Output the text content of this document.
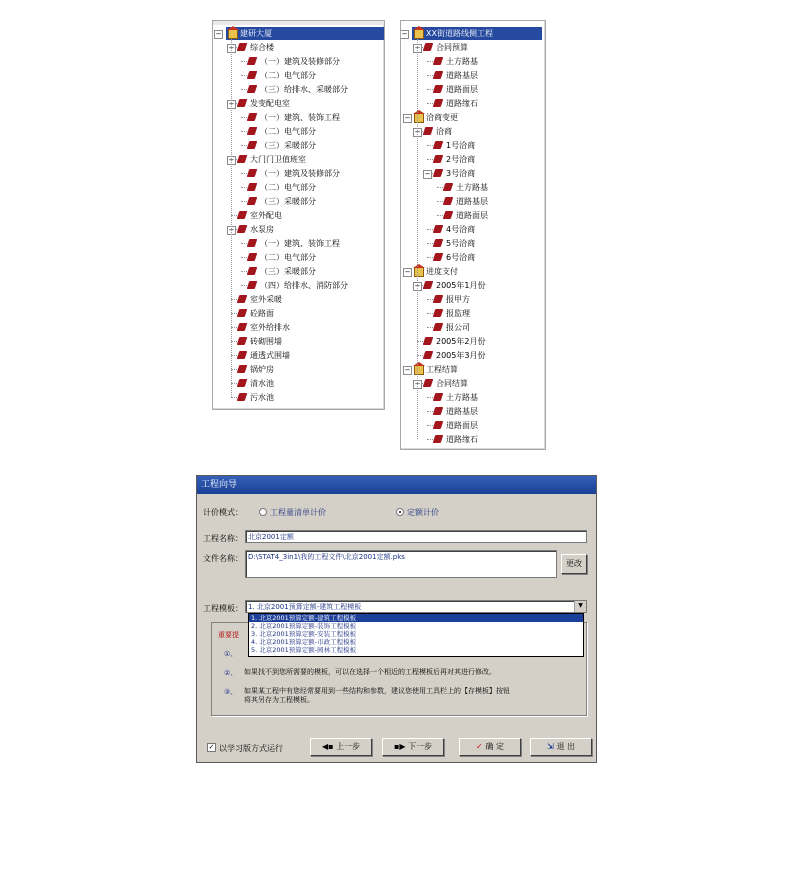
− 建研大厦
− 综合楼
（一）建筑及装修部分
（二）电气部分
（三）给排水、采暖部分
− 发变配电室
（一）建筑、装饰工程
（二）电气部分
（三）采暖部分
− 大门门卫值班室
（一）建筑及装修部分
（二）电气部分
（三）采暖部分
室外配电
− 水泵房
（一）建筑、装饰工程
（二）电气部分
（三）采暖部分
（四）给排水、消防部分
室外采暖
砼路面
室外给排水
砖砌围墙
通透式围墙
锅炉房
清水池
污水池
− XX街道路线侧工程
− 合同预算
土方路基
道路基层
道路面层
道路缘石
− 洽商变更
− 洽商
1号洽商
2号洽商
− 3号洽商
土方路基
道路基层
道路面层
4号洽商
5号洽商
6号洽商
− 进度支付
− 2005年1月份
报甲方
报监理
报公司
2005年2月份
2005年3月份
− 工程结算
− 合同结算
土方路基
道路基层
道路面层
道路缘石
工程向导
计价模式：	工程量清单计价	定额计价
工程名称： 北京2001定额
文件名称： D:\STAT4_3in1\我的工程文件\北京2001定额.pks
更改
工程模板： 1. 北京2001预算定额-建筑工程模板	▼
1. 北京2001预算定额-建筑工程模板
2. 北京2001预算定额-装饰工程模板
3. 北京2001预算定额-安装工程模板
4. 北京2001预算定额-市政工程模板
5. 北京2001预算定额-园林工程模板
重要提
①、
②、 如果找不到您所需要的模板，可以在选择一个相近的工程模板后再对其进行修改。
③、 如果某工程中有您经常要用到一些结构和参数，建议您使用工具栏上的【存模板】按钮
将其另存为工程模板。
✓ 以学习版方式运行	◀▪ 上一步	▪▶ 下一步	✓ 确 定	⇲ 退 出
